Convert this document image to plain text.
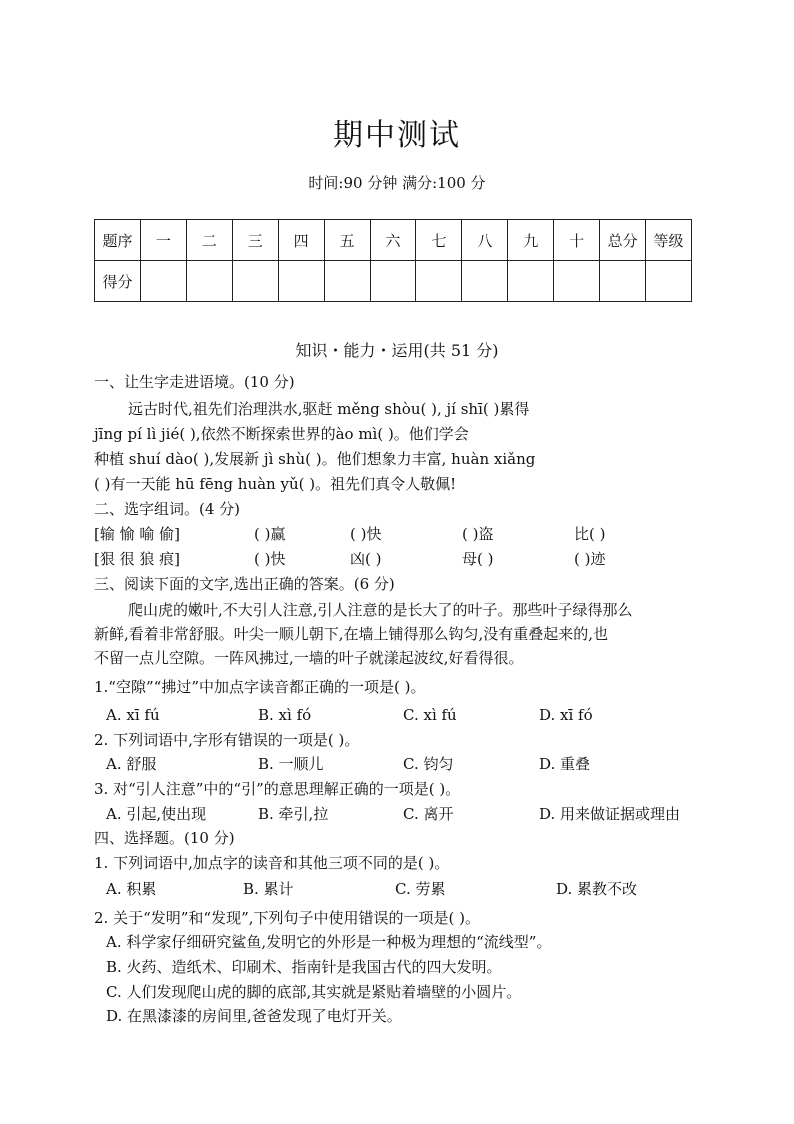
期中测试
时间:90 分钟 满分:100 分
题序	一	二	三	四	五	六	七	八	九	十	总分	等级
得分												
知识・能力・运用(共 51 分)
一、让生字走进语境。(10 分)
远古时代,祖先们治理洪水,驱赶 měng shòu( ), jí shī( )累得
jīng pí lì jié( ),依然不断探索世界的ào mì( )。他们学会
种植 shuí dào( ),发展新 jì shù( )。他们想象力丰富, huàn xiǎng
( )有一天能 hū fēng huàn yǔ( )。祖先们真令人敬佩!
二、选字组词。(4 分)
[输 愉 喻 偷]	( )赢	( )快	( )盗	比( )
[狠 很 狼 痕]	( )快	凶( )	母( )	( )迹
三、阅读下面的文字,选出正确的答案。(6 分)
爬山虎的嫩叶,不大引人注意,引人注意的是长大了的叶子。那些叶子绿得那么
新鲜,看着非常舒服。叶尖一顺儿朝下,在墙上铺得那么钩匀,没有重叠起来的,也
不留一点儿空隙。一阵风拂过,一墙的叶子就漾起波纹,好看得很。
1.“空隙”“拂过”中加点字读音都正确的一项是( )。
A. xī fú	B. xì fó	C. xì fú	D. xī fó
2. 下列词语中,字形有错误的一项是( )。
A. 舒服	B. 一顺儿	C. 钧匀	D. 重叠
3. 对“引人注意”中的“引”的意思理解正确的一项是( )。
A. 引起,使出现	B. 牵引,拉	C. 离开	D. 用来做证据或理由
四、选择题。(10 分)
1. 下列词语中,加点字的读音和其他三项不同的是( )。
A. 积累	B. 累计	C. 劳累	D. 累教不改
2. 关于“发明”和“发现”,下列句子中使用错误的一项是( )。
A. 科学家仔细研究鲨鱼,发明它的外形是一种极为理想的“流线型”。
B. 火药、造纸术、印刷术、指南针是我国古代的四大发明。
C. 人们发现爬山虎的脚的底部,其实就是紧贴着墙壁的小圆片。
D. 在黑漆漆的房间里,爸爸发现了电灯开关。
